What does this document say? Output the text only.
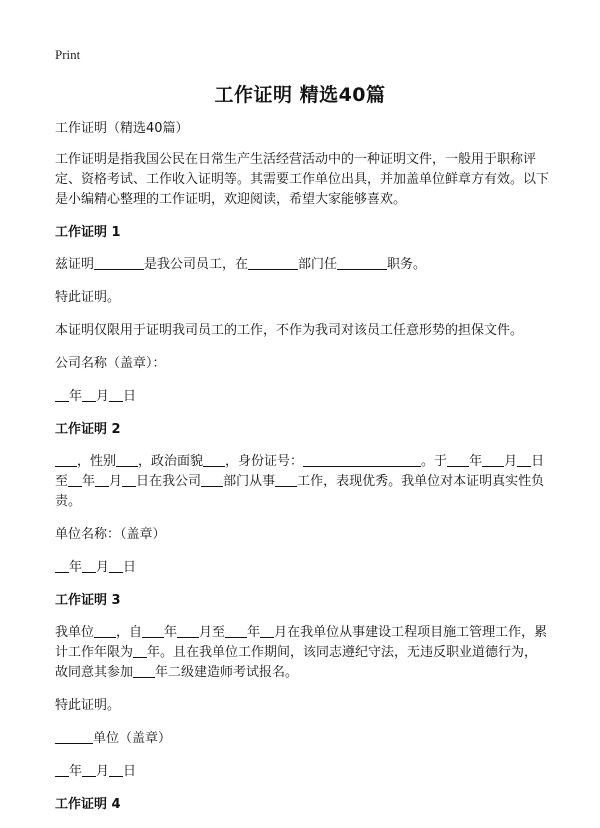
Print
工作证明 精选40篇

工作证明（精选40篇）

工作证明是指我国公民在日常生产生活经营活动中的一种证明文件，一般用于职称评定、资格考试、工作收入证明等。其需要工作单位出具，并加盖单位鲜章方有效。以下是小编精心整理的工作证明，欢迎阅读，希望大家能够喜欢。

工作证明 1

兹证明	是我公司员工，在	部门任	职务。

特此证明。

本证明仅限用于证明我司员工的工作，不作为我司对该员工任意形势的担保文件。

公司名称（盖章）：

年 月 日

工作证明 2

，性别 ，政治面貌 ，身份证号：	。于 年 月 日至 年 月 日在我公司 部门从事 工作，表现优秀。我单位对本证明真实性负责。

单位名称：（盖章）

年 月 日

工作证明 3

我单位 ，自 年 月至 年 月在我单位从事建设工程项目施工管理工作，累计工作年限为 年。且在我单位工作期间，该同志遵纪守法，无违反职业道德行为，故同意其参加 年二级建造师考试报名。

特此证明。

单位（盖章）

年 月 日

工作证明 4
